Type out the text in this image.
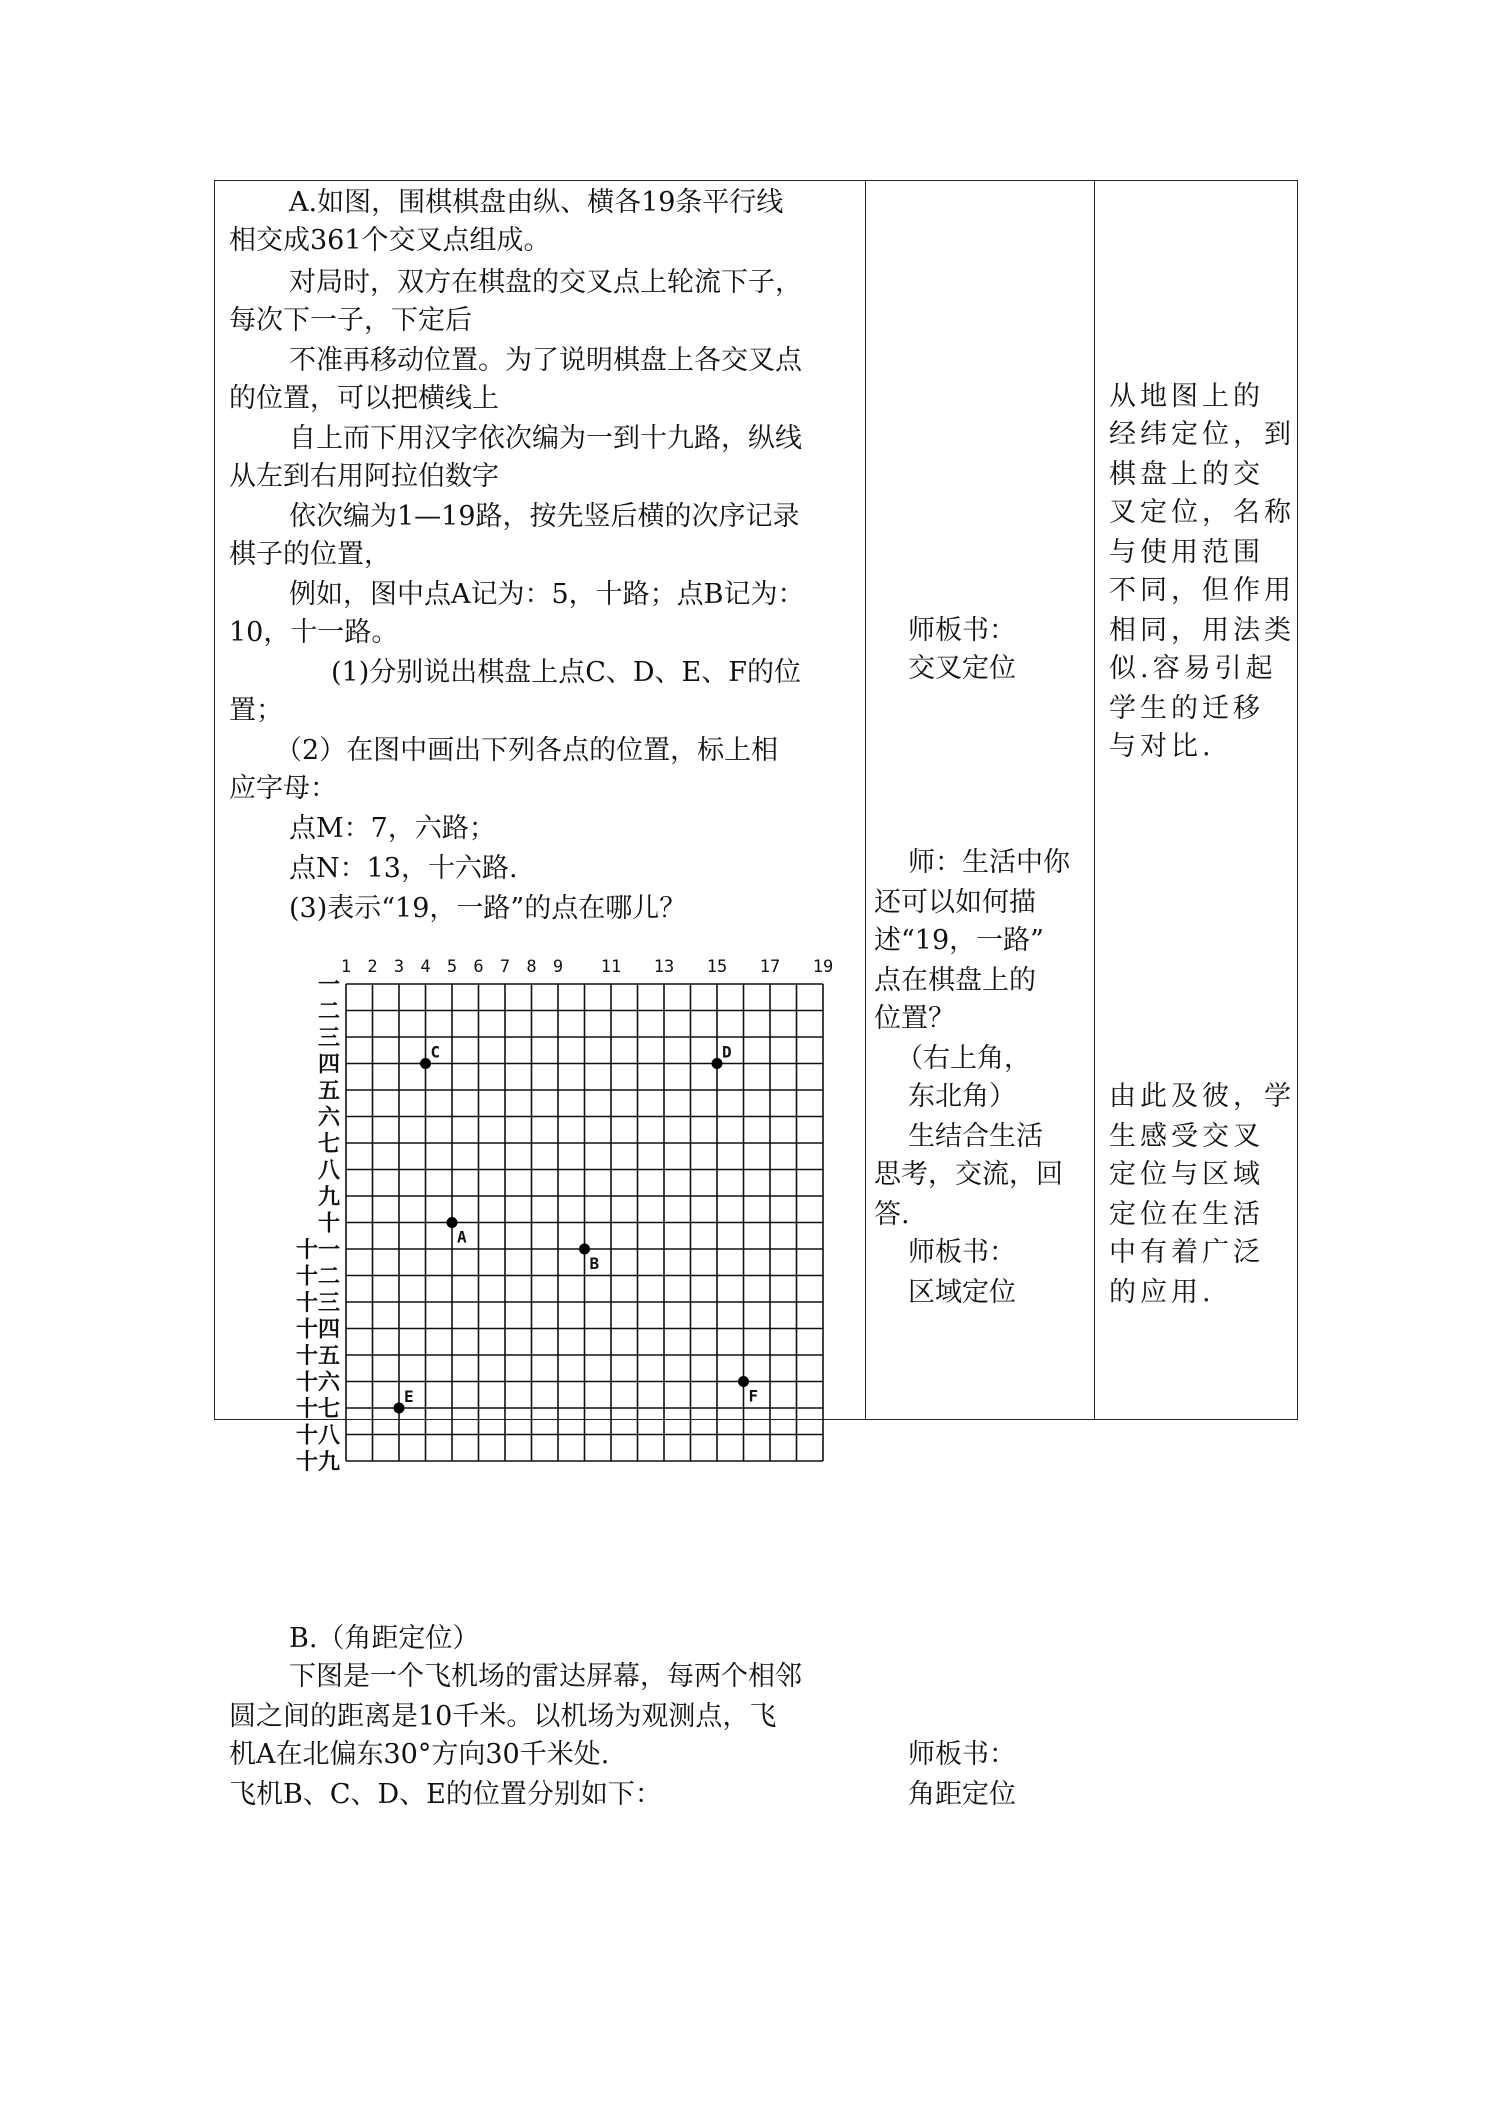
A.如图，围棋棋盘由纵、横各19条平行线
相交成361个交叉点组成。
对局时，双方在棋盘的交叉点上轮流下子，
每次下一子，下定后
不准再移动位置。为了说明棋盘上各交叉点
的位置，可以把横线上
自上而下用汉字依次编为一到十九路，纵线
从左到右用阿拉伯数字
依次编为1—19路，按先竖后横的次序记录
棋子的位置，
例如，图中点A记为：5，十路；点B记为：
10，十一路。
(1)分别说出棋盘上点C、D、E、F的位
置；
（2）在图中画出下列各点的位置，标上相
应字母：
点M：7，六路；
点N：13，十六路.
(3)表示“19，一路”的点在哪儿？
B.（角距定位）
下图是一个飞机场的雷达屏幕，每两个相邻
圆之间的距离是10千米。以机场为观测点，飞
机A在北偏东30°方向30千米处.
飞机B、C、D、E的位置分别如下：
师板书：
交叉定位
师：生活中你
还可以如何描
述“19，一路”
点在棋盘上的
位置？
（右上角，
东北角）
生结合生活
思考，交流，回
答.
师板书：
区域定位
师板书：
角距定位
从地图上的
经纬定位，到
棋盘上的交
叉定位，名称
与使用范围
不同，但作用
相同，用法类
似.容易引起
学生的迁移
与对比.
由此及彼，学
生感受交叉
定位与区域
定位在生活
中有着广泛
的应用.
1 2 3 4 5 6 7 8 9 11 13 15 17 19
一
二
三
四
五
六
七
八
九
十
十一
十二
十三
十四
十五
十六
十七
十八
十九
C	D
A
B
E	F
